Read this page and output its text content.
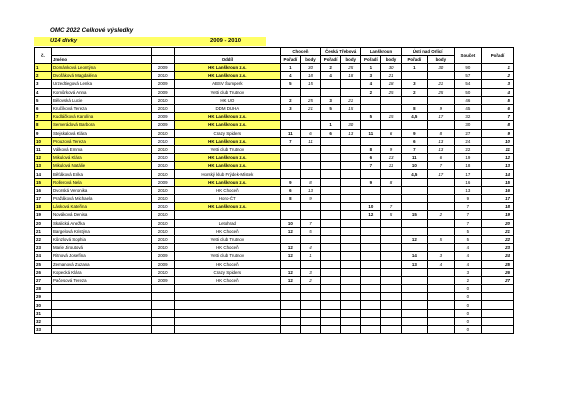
OMC 2022 Celkové výsledky
U14 dívky	2009 - 2010
č.				Choceň		Česká Třebová		Lanškroun		Ústí nad Orlicí		Součet	Pořadí
	Jméno		Oddíl	Pořadí	body	Pořadí	body	Pořadí	body	Pořadí	body		
1	Dománková Leontýna	2009	HK Lanškroun z.s.	1	30	2	25	1	30	1	30	90	1
2	Dvořáková Magdaléna	2010	HK Lanškroun z.s.	4	18	4	18	3	21			57	2
3	Urzedtiegová Lenka	2009	ABSV Šumperk	5	15			4	18	3	21	54	3
4	Komůrková Anna	2009	Yetti club Trutnov					2	25	2	25	50	4
5	Bělovská Lucie	2010	HK UO	2	25	3	21					46	5
6	Kručíková Tereza	2010	DDM DUHA	3	21	5	15			8	9	45	6
7	Kudláčková Karolína	2009	HK Lanškroun z.s.					5	15	4,5	17	32	7
8	Semerádová Barbora	2009	HK Lanškroun z.s.			1	30					30	8
9	Stejskalová Klára	2010	Crazy Spiders	11	6	6	13	11	6	9	8	27	9
10	Prouzová Tereza	2010	HK Lanškroun z.s.	7	11					6	13	24	10
11	Válková Emma	2010	Yetti club Trutnov					8	9	7	13	22	11
12	Mikulová Klára	2010	HK Lanškroun z.s.					6	13	11	6	19	12
13	Mikulová Natálie	2010	HK Lanškroun z.s.					7	11	10	7	18	13
14	Běťáková Erika	2010	Horský klub Frýdek-Místek							4,5	17	17	14
15	Rollerová Nela	2009	HK Lanškroun z.s.	9	8			9	8			16	15
16	Dvorská Veronika	2010	HK Choceň	6	13							13	16
17	Pražáková Michaela	2010	Horo-ČT	8	9							9	17
18	Lásková Kateřina	2010	HK Lanškroun z.s.					10	7			7	18
19	Nováková Denisa	2010						12	5	15	2	7	19
20	Skalická Anežka	2010	Letohrad	10	7							7	20
21	Bargelová Kristýna	2010	HK Choceň	12	5							5	21
22	Kůnzlová Sophia	2010	Yetti club Trutnov							12	5	5	22
23	Marie Jiroutová	2010	HK Choceň	12	4							4	23
24	Ritnová Josefína	2009	Yetti club Trutnov	12	1					14	3	4	24
25	Zemanová Zuzana	2009	HK Choceň							13	4	4	25
26	Kopecká Klára	2010	Crazy Spiders	12	3							3	26
27	Pačesová Tereza	2009	HK Choceň	12	2							2	27
28												0	
29												0	
30												0	
31												0	
32												0	
33												0	
